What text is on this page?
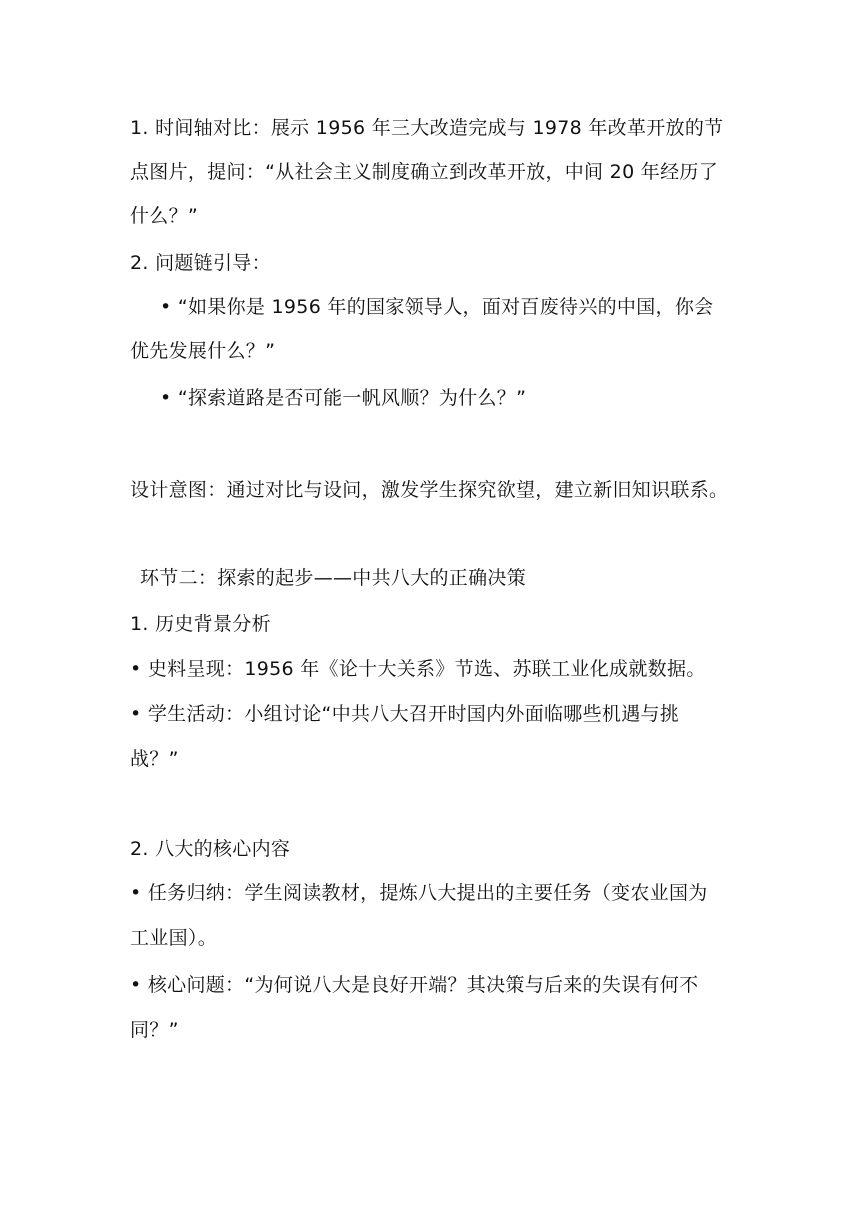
1. 时间轴对比：展示 1956 年三大改造完成与 1978 年改革开放的节
点图片，提问：“从社会主义制度确立到改革开放，中间 20 年经历了
什么？”
2. 问题链引导：
• “如果你是 1956 年的国家领导人，面对百废待兴的中国，你会
优先发展什么？”
• “探索道路是否可能一帆风顺？为什么？”
设计意图：通过对比与设问，激发学生探究欲望，建立新旧知识联系。
环节二：探索的起步——中共八大的正确决策
1. 历史背景分析
• 史料呈现：1956 年《论十大关系》节选、苏联工业化成就数据。
• 学生活动：小组讨论“中共八大召开时国内外面临哪些机遇与挑
战？”
2. 八大的核心内容
• 任务归纳：学生阅读教材，提炼八大提出的主要任务（变农业国为
工业国）。
• 核心问题：“为何说八大是良好开端？其决策与后来的失误有何不
同？”
